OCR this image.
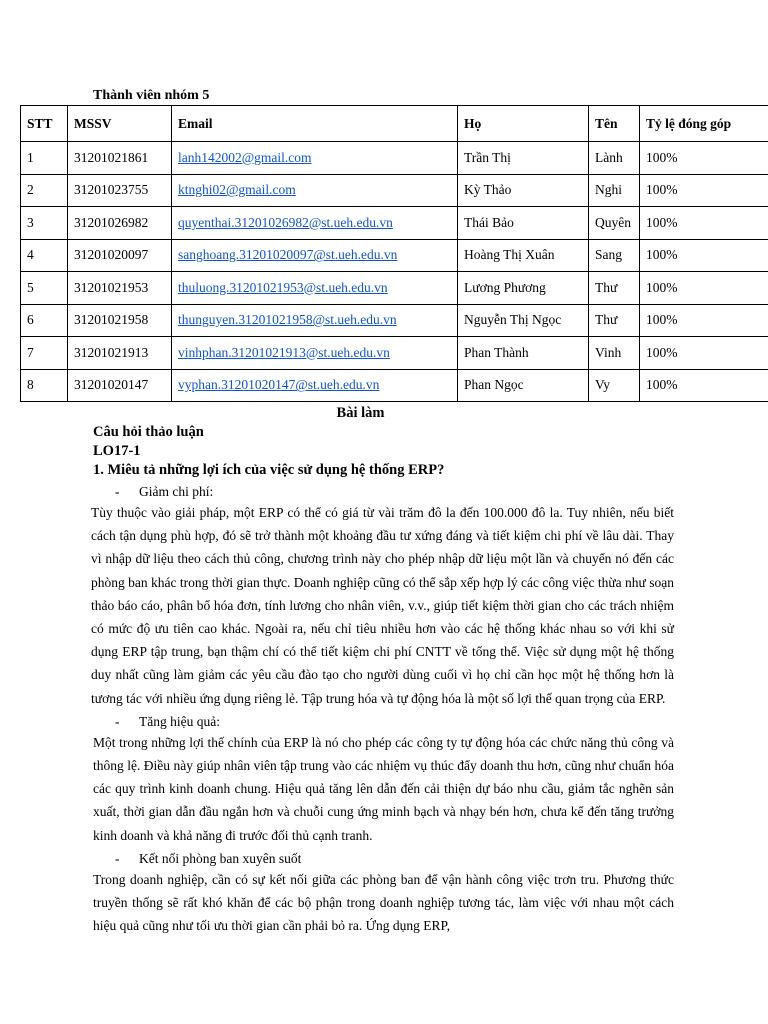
Thành viên nhóm 5
STT	MSSV	Email	Họ	Tên	Tỷ lệ đóng góp
1	31201021861	lanh142002@gmail.com	Trần Thị	Lành	100%
2	31201023755	ktnghi02@gmail.com	Kỳ Thảo	Nghi	100%
3	31201026982	quyenthai.31201026982@st.ueh.edu.vn	Thái Bảo	Quyên	100%
4	31201020097	sanghoang.31201020097@st.ueh.edu.vn	Hoàng Thị Xuân	Sang	100%
5	31201021953	thuluong.31201021953@st.ueh.edu.vn	Lương Phương	Thư	100%
6	31201021958	thunguyen.31201021958@st.ueh.edu.vn	Nguyễn Thị Ngọc	Thư	100%
7	31201021913	vinhphan.31201021913@st.ueh.edu.vn	Phan Thành	Vinh	100%
8	31201020147	vyphan.31201020147@st.ueh.edu.vn	Phan Ngọc	Vy	100%
Bài làm
Câu hỏi thảo luận
LO17-1
1. Miêu tả những lợi ích của việc sử dụng hệ thống ERP?
- Giảm chi phí:

Tùy thuộc vào giải pháp, một ERP có thể có giá từ vài trăm đô la đến 100.000 đô la. Tuy nhiên, nếu biết cách tận dụng phù hợp, đó sẽ trở thành một khoảng đầu tư xứng đáng và tiết kiệm chi phí về lâu dài. Thay vì nhập dữ liệu theo cách thủ công, chương trình này cho phép nhập dữ liệu một lần và chuyển nó đến các phòng ban khác trong thời gian thực. Doanh nghiệp cũng có thể sắp xếp hợp lý các công việc thừa như soạn thảo báo cáo, phân bổ hóa đơn, tính lương cho nhân viên, v.v., giúp tiết kiệm thời gian cho các trách nhiệm có mức độ ưu tiên cao khác. Ngoài ra, nếu chỉ tiêu nhiều hơn vào các hệ thống khác nhau so với khi sử dụng ERP tập trung, bạn thậm chí có thể tiết kiệm chi phí CNTT về tổng thể. Việc sử dụng một hệ thống duy nhất cũng làm giảm các yêu cầu đào tạo cho người dùng cuối vì họ chỉ cần học một hệ thống hơn là tương tác với nhiều ứng dụng riêng lẻ. Tập trung hóa và tự động hóa là một số lợi thế quan trọng của ERP.

- Tăng hiệu quả:

Một trong những lợi thế chính của ERP là nó cho phép các công ty tự động hóa các chức năng thủ công và thông lệ. Điều này giúp nhân viên tập trung vào các nhiệm vụ thúc đẩy doanh thu hơn, cũng như chuẩn hóa các quy trình kinh doanh chung. Hiệu quả tăng lên dẫn đến cải thiện dự báo nhu cầu, giảm tắc nghẽn sản xuất, thời gian dẫn đầu ngắn hơn và chuỗi cung ứng minh bạch và nhạy bén hơn, chưa kể đến tăng trưởng kinh doanh và khả năng đi trước đối thủ cạnh tranh.

- Kết nối phòng ban xuyên suốt

Trong doanh nghiệp, cần có sự kết nối giữa các phòng ban để vận hành công việc trơn tru. Phương thức truyền thống sẽ rất khó khăn để các bộ phận trong doanh nghiệp tương tác, làm việc với nhau một cách hiệu quả cũng như tối ưu thời gian cần phải bỏ ra. Ứng dụng ERP,
